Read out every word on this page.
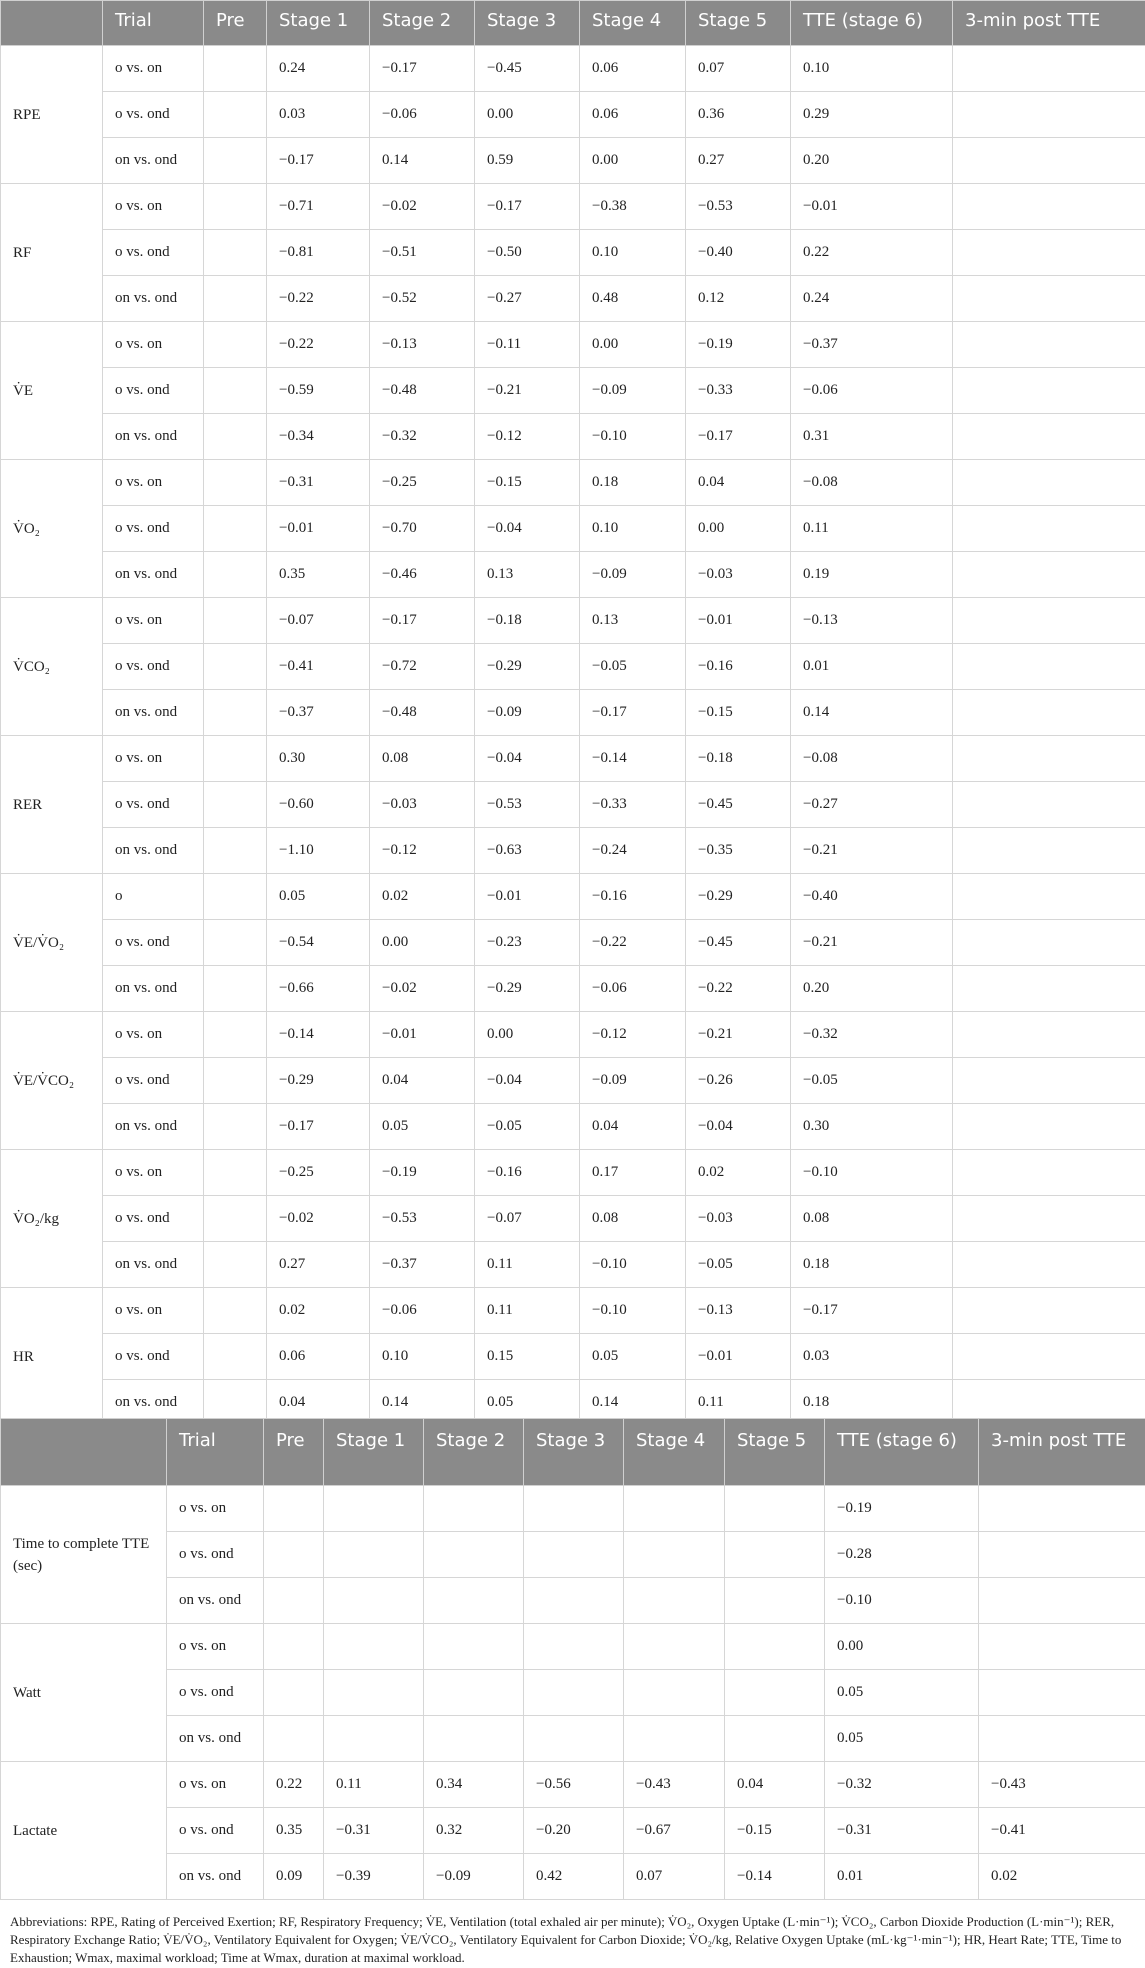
	Trial	Pre	Stage 1	Stage 2	Stage 3	Stage 4	Stage 5	TTE (stage 6)	3-min post TTE
RPE	o vs. on		0.24	−0.17	−0.45	0.06	0.07	0.10	
	o vs. ond		0.03	−0.06	0.00	0.06	0.36	0.29	
	on vs. ond		−0.17	0.14	0.59	0.00	0.27	0.20	
RF	o vs. on		−0.71	−0.02	−0.17	−0.38	−0.53	−0.01	
	o vs. ond		−0.81	−0.51	−0.50	0.10	−0.40	0.22	
	on vs. ond		−0.22	−0.52	−0.27	0.48	0.12	0.24	
V̇E	o vs. on		−0.22	−0.13	−0.11	0.00	−0.19	−0.37	
	o vs. ond		−0.59	−0.48	−0.21	−0.09	−0.33	−0.06	
	on vs. ond		−0.34	−0.32	−0.12	−0.10	−0.17	0.31	
V̇O₂	o vs. on		−0.31	−0.25	−0.15	0.18	0.04	−0.08	
	o vs. ond		−0.01	−0.70	−0.04	0.10	0.00	0.11	
	on vs. ond		0.35	−0.46	0.13	−0.09	−0.03	0.19	
V̇CO₂	o vs. on		−0.07	−0.17	−0.18	0.13	−0.01	−0.13	
	o vs. ond		−0.41	−0.72	−0.29	−0.05	−0.16	0.01	
	on vs. ond		−0.37	−0.48	−0.09	−0.17	−0.15	0.14	
RER	o vs. on		0.30	0.08	−0.04	−0.14	−0.18	−0.08	
	o vs. ond		−0.60	−0.03	−0.53	−0.33	−0.45	−0.27	
	on vs. ond		−1.10	−0.12	−0.63	−0.24	−0.35	−0.21	
V̇E/V̇O₂	o		0.05	0.02	−0.01	−0.16	−0.29	−0.40	
	o vs. ond		−0.54	0.00	−0.23	−0.22	−0.45	−0.21	
	on vs. ond		−0.66	−0.02	−0.29	−0.06	−0.22	0.20	
V̇E/V̇CO₂	o vs. on		−0.14	−0.01	0.00	−0.12	−0.21	−0.32	
	o vs. ond		−0.29	0.04	−0.04	−0.09	−0.26	−0.05	
	on vs. ond		−0.17	0.05	−0.05	0.04	−0.04	0.30	
V̇O₂/kg	o vs. on		−0.25	−0.19	−0.16	0.17	0.02	−0.10	
	o vs. ond		−0.02	−0.53	−0.07	0.08	−0.03	0.08	
	on vs. ond		0.27	−0.37	0.11	−0.10	−0.05	0.18	
HR	o vs. on		0.02	−0.06	0.11	−0.10	−0.13	−0.17	
	o vs. ond		0.06	0.10	0.15	0.05	−0.01	0.03	
	on vs. ond		0.04	0.14	0.05	0.14	0.11	0.18	
	Trial	Pre	Stage 1	Stage 2	Stage 3	Stage 4	Stage 5	TTE (stage 6)	3-min post TTE
Time to complete TTE (sec)	o vs. on							−0.19	
	o vs. ond							−0.28	
	on vs. ond							−0.10	
Watt	o vs. on							0.00	
	o vs. ond							0.05	
	on vs. ond							0.05	
Lactate	o vs. on	0.22	0.11	0.34	−0.56	−0.43	0.04	−0.32	−0.43
	o vs. ond	0.35	−0.31	0.32	−0.20	−0.67	−0.15	−0.31	−0.41
	on vs. ond	0.09	−0.39	−0.09	0.42	0.07	−0.14	0.01	0.02
Abbreviations: RPE, Rating of Perceived Exertion; RF, Respiratory Frequency; V̇E, Ventilation (total exhaled air per minute); V̇O₂, Oxygen Uptake (L·min⁻¹); V̇CO₂, Carbon Dioxide Production (L·min⁻¹); RER, Respiratory Exchange Ratio; V̇E/V̇O₂, Ventilatory Equivalent for Oxygen; V̇E/V̇CO₂, Ventilatory Equivalent for Carbon Dioxide; V̇O₂/kg, Relative Oxygen Uptake (mL·kg⁻¹·min⁻¹); HR, Heart Rate; TTE, Time to Exhaustion; Wmax, maximal workload; Time at Wmax, duration at maximal workload.
